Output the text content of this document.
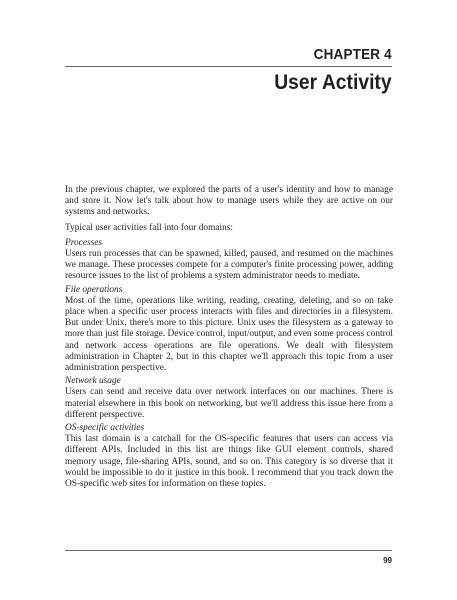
CHAPTER 4
User Activity

In the previous chapter, we explored the parts of a user's identity and how to manage and store it. Now let's talk about how to manage users while they are active on our systems and networks.

Typical user activities fall into four domains:

Processes

Users run processes that can be spawned, killed, paused, and resumed on the machines we manage. These processes compete for a computer's finite processing power, adding resource issues to the list of problems a system administrator needs to mediate.

File operations

Most of the time, operations like writing, reading, creating, deleting, and so on take place when a specific user process interacts with files and directories in a filesystem. But under Unix, there's more to this picture. Unix uses the filesystem as a gateway to more than just file storage. Device control, input/output, and even some process control and network access operations are file operations. We dealt with filesystem administration in Chapter 2, but in this chapter we'll approach this topic from a user administration perspective.

Network usage

Users can send and receive data over network interfaces on our machines. There is material elsewhere in this book on networking, but we'll address this issue here from a different perspective.

OS-specific activities

This last domain is a catchall for the OS-specific features that users can access via different APIs. Included in this list are things like GUI element controls, shared memory usage, file-sharing APIs, sound, and so on. This category is so diverse that it would be impossible to do it justice in this book. I recommend that you track down the OS-specific web sites for information on these topics.

99
